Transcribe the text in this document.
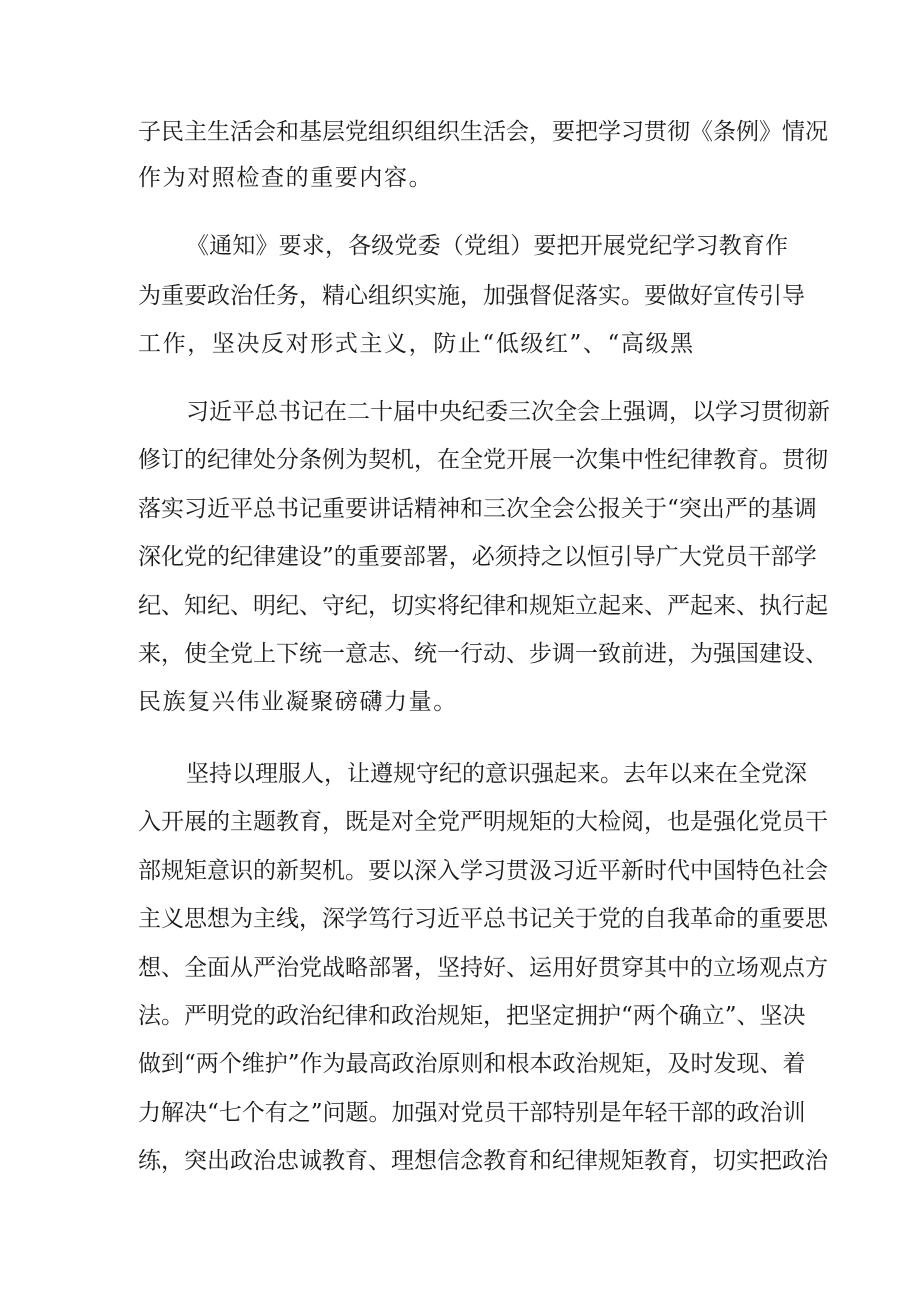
子民主生活会和基层党组织组织生活会，要把学习贯彻《条例》情况

作为对照检查的重要内容。

《通知》要求，各级党委（党组）要把开展党纪学习教育作

为重要政治任务，精心组织实施，加强督促落实。要做好宣传引导

工作，坚决反对形式主义，防止“低级红”、“高级黑

习近平总书记在二十届中央纪委三次全会上强调，以学习贯彻新

修订的纪律处分条例为契机，在全党开展一次集中性纪律教育。贯彻

落实习近平总书记重要讲话精神和三次全会公报关于“突出严的基调

深化党的纪律建设”的重要部署，必须持之以恒引导广大党员干部学

纪、知纪、明纪、守纪，切实将纪律和规矩立起来、严起来、执行起

来，使全党上下统一意志、统一行动、步调一致前进，为强国建设、

民族复兴伟业凝聚磅礴力量。

坚持以理服人，让遵规守纪的意识强起来。去年以来在全党深

入开展的主题教育，既是对全党严明规矩的大检阅，也是强化党员干

部规矩意识的新契机。要以深入学习贯汲习近平新时代中国特色社会

主义思想为主线，深学笃行习近平总书记关于党的自我革命的重要思

想、全面从严治党战略部署，坚持好、运用好贯穿其中的立场观点方

法。严明党的政治纪律和政治规矩，把坚定拥护“两个确立”、坚决

做到“两个维护”作为最高政治原则和根本政治规矩，及时发现、着

力解决“七个有之”问题。加强对党员干部特别是年轻干部的政治训

练，突出政治忠诚教育、理想信念教育和纪律规矩教育，切实把政治
